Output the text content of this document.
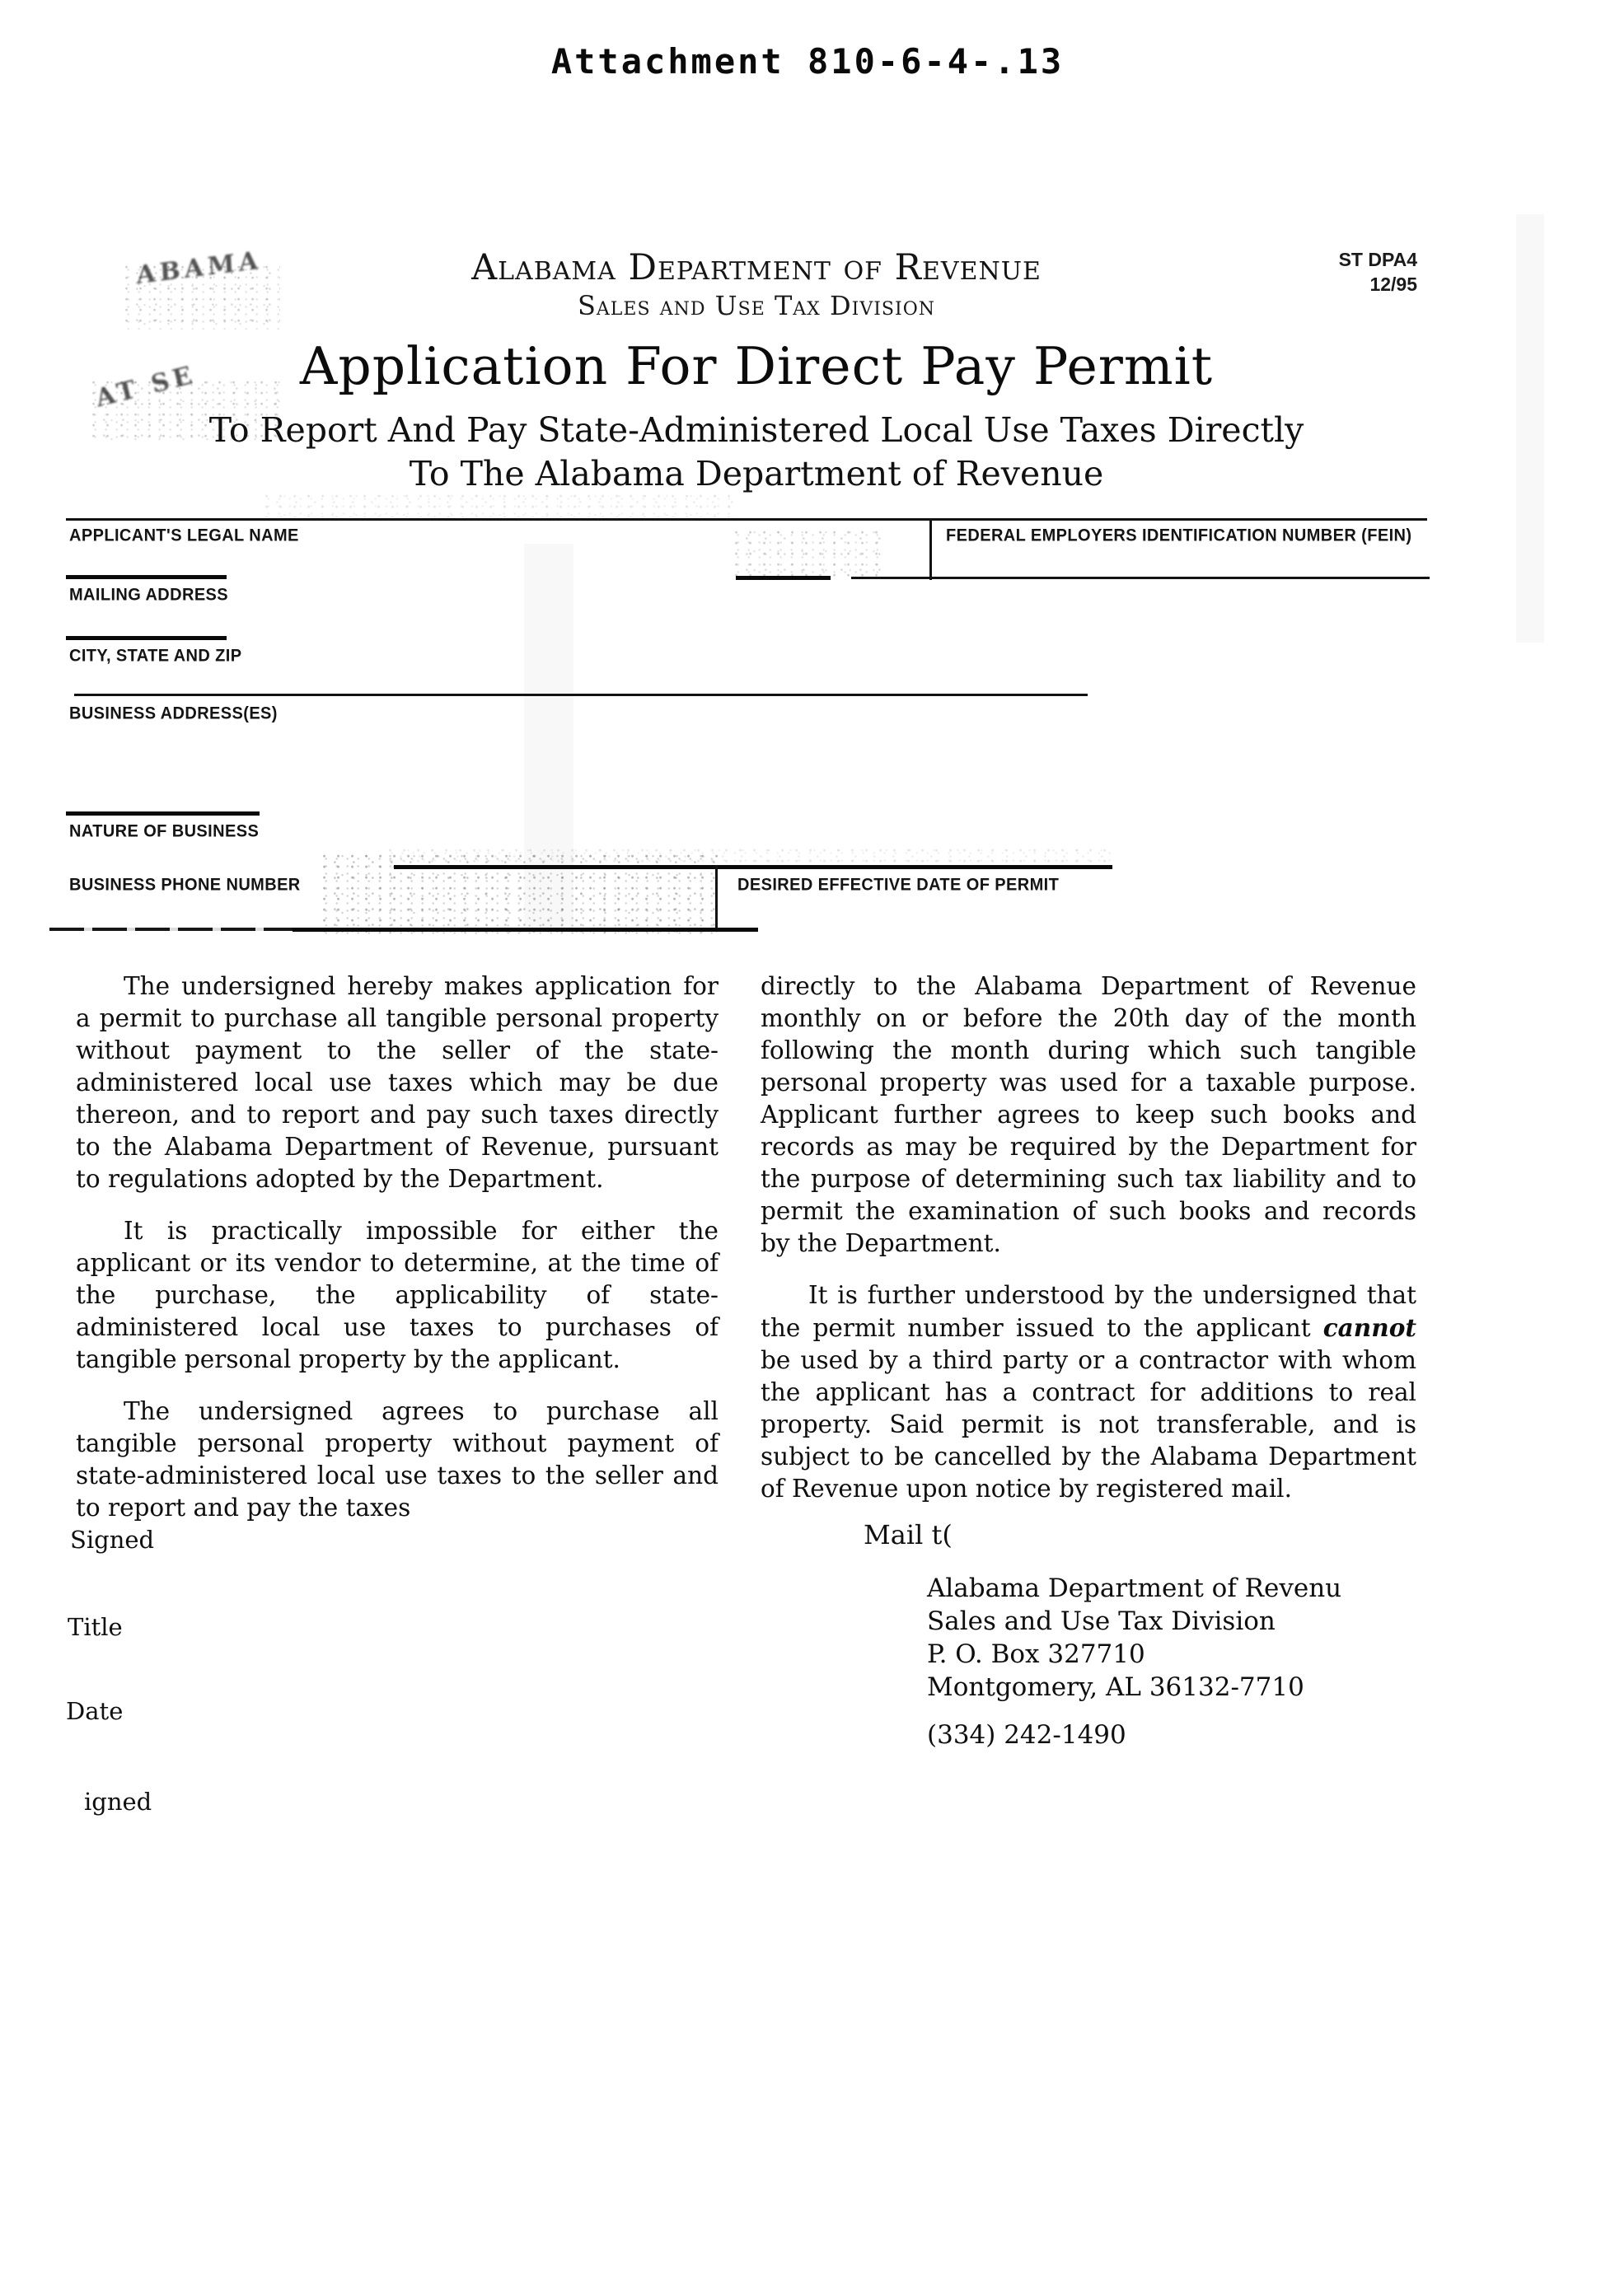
Attachment 810-6-4-.13
ABAMA
AT SE
Alabama Department of Revenue
Sales and Use Tax Division
ST DPA4
12/95
Application For Direct Pay Permit
To Report And Pay State-Administered Local Use Taxes Directly
To The Alabama Department of Revenue
APPLICANT'S LEGAL NAME	FEDERAL EMPLOYERS IDENTIFICATION NUMBER (FEIN)
MAILING ADDRESS
CITY, STATE AND ZIP
BUSINESS ADDRESS(ES)
NATURE OF BUSINESS
BUSINESS PHONE NUMBER	DESIRED EFFECTIVE DATE OF PERMIT

The undersigned hereby makes application for a permit to purchase all tangible personal property without payment to the seller of the state-administered local use taxes which may be due thereon, and to report and pay such taxes directly to the Alabama Department of Revenue, pursuant to regulations adopted by the Department.

It is practically impossible for either the applicant or its vendor to determine, at the time of the purchase, the applicability of state-administered local use taxes to purchases of tangible personal property by the applicant.

The undersigned agrees to purchase all tangible personal property without payment of state-administered local use taxes to the seller and to report and pay the taxes

directly to the Alabama Department of Revenue monthly on or before the 20th day of the month following the month during which such tangible personal property was used for a taxable purpose. Applicant further agrees to keep such books and records as may be required by the Department for the purpose of determining such tax liability and to permit the examination of such books and records by the Department.

It is further understood by the undersigned that the permit number issued to the applicant cannot be used by a third party or a contractor with whom the applicant has a contract for additions to real property. Said permit is not transferable, and is subject to be cancelled by the Alabama Department of Revenue upon notice by registered mail.

Signed
Title
Date
igned
Mail t(
Alabama Department of Revenu
Sales and Use Tax Division
P. O. Box 327710
Montgomery, AL 36132-7710
(334) 242-1490
